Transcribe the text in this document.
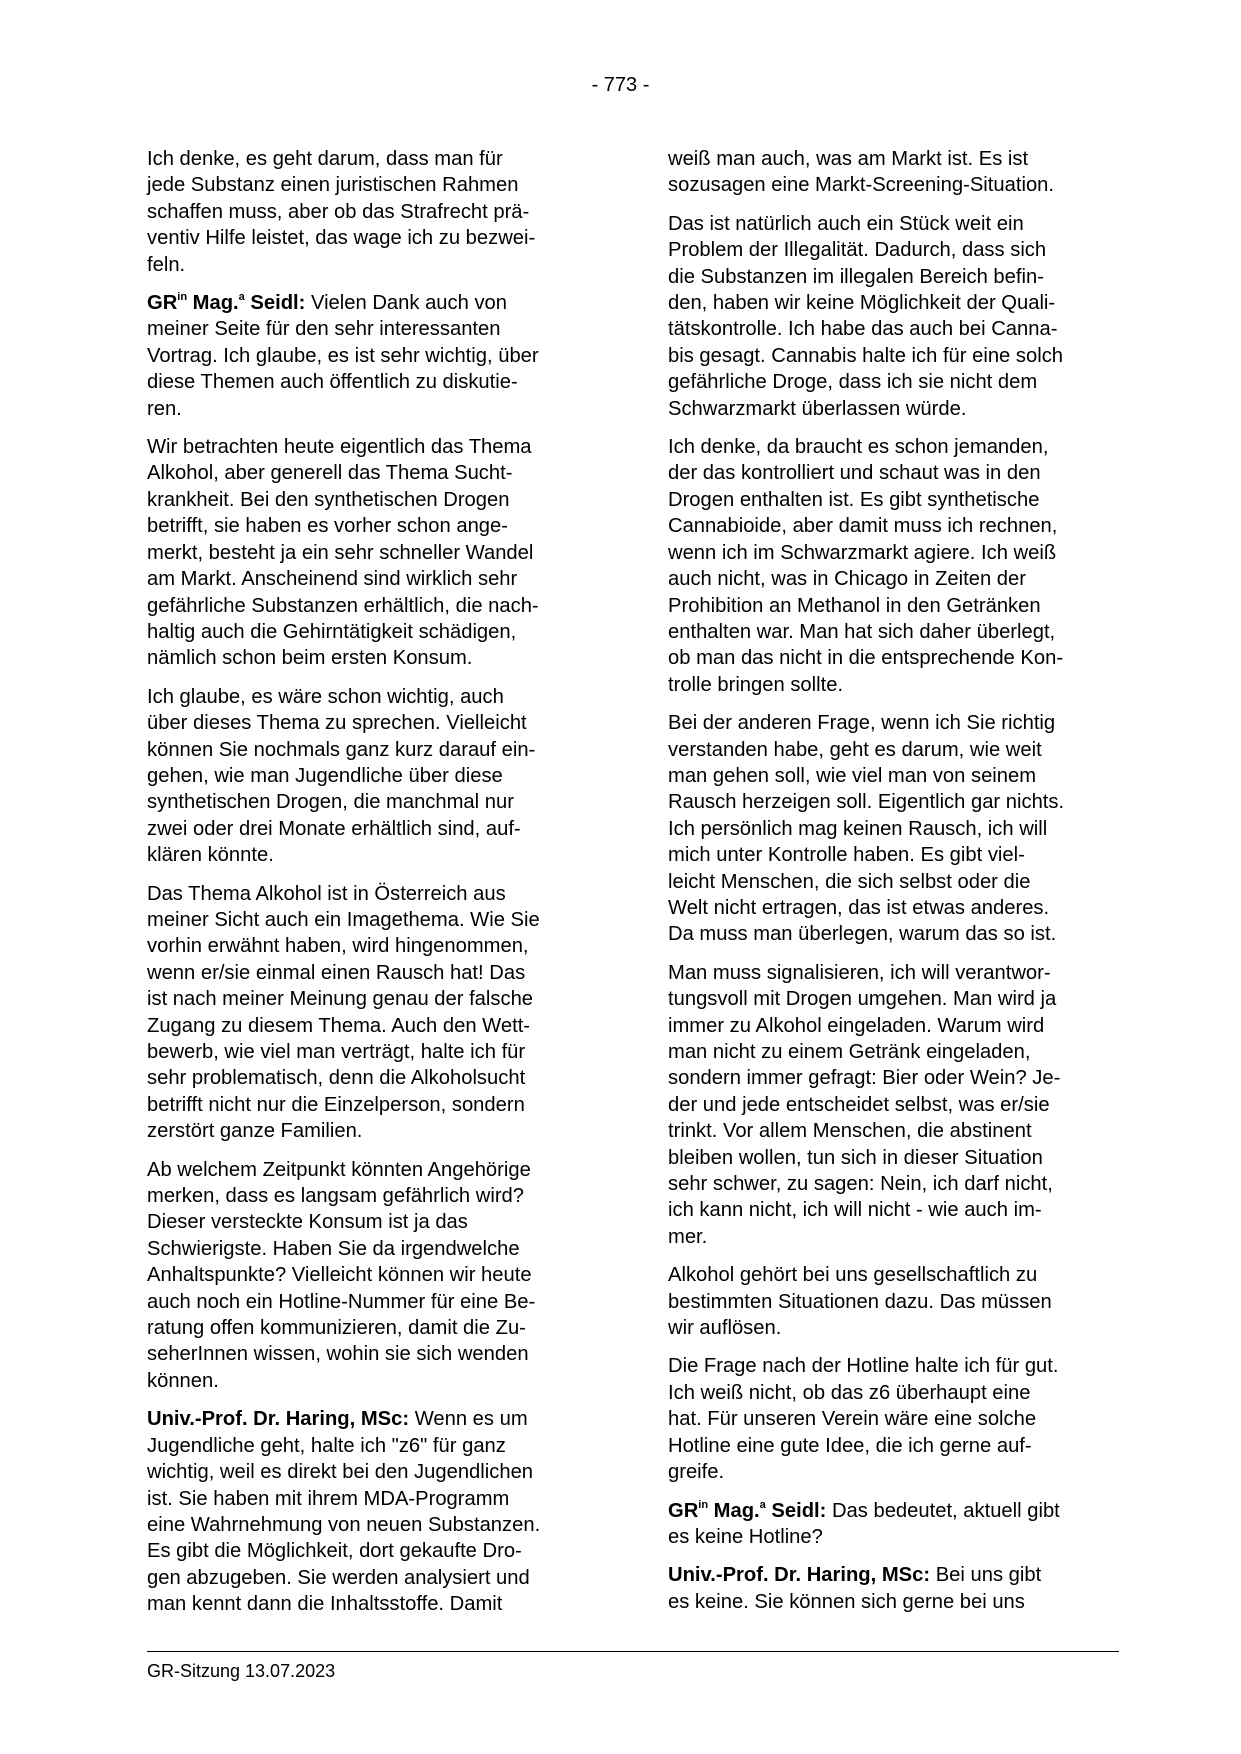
- 773 -

Ich denke, es geht darum, dass man für
jede Substanz einen juristischen Rahmen
schaffen muss, aber ob das Strafrecht prä-
ventiv Hilfe leistet, das wage ich zu bezwei-
feln.

$GR^{in}$ Mag.$^a$ Seidl: Vielen Dank auch von
meiner Seite für den sehr interessanten
Vortrag. Ich glaube, es ist sehr wichtig, über
diese Themen auch öffentlich zu diskutie-
ren.

Wir betrachten heute eigentlich das Thema
Alkohol, aber generell das Thema Sucht-
krankheit. Bei den synthetischen Drogen
betrifft, sie haben es vorher schon ange-
merkt, besteht ja ein sehr schneller Wandel
am Markt. Anscheinend sind wirklich sehr
gefährliche Substanzen erhältlich, die nach-
haltig auch die Gehirntätigkeit schädigen,
nämlich schon beim ersten Konsum.

Ich glaube, es wäre schon wichtig, auch
über dieses Thema zu sprechen. Vielleicht
können Sie nochmals ganz kurz darauf ein-
gehen, wie man Jugendliche über diese
synthetischen Drogen, die manchmal nur
zwei oder drei Monate erhältlich sind, auf-
klären könnte.

Das Thema Alkohol ist in Österreich aus
meiner Sicht auch ein Imagethema. Wie Sie
vorhin erwähnt haben, wird hingenommen,
wenn er/sie einmal einen Rausch hat! Das
ist nach meiner Meinung genau der falsche
Zugang zu diesem Thema. Auch den Wett-
bewerb, wie viel man verträgt, halte ich für
sehr problematisch, denn die Alkoholsucht
betrifft nicht nur die Einzelperson, sondern
zerstört ganze Familien.

Ab welchem Zeitpunkt könnten Angehörige
merken, dass es langsam gefährlich wird?
Dieser versteckte Konsum ist ja das
Schwierigste. Haben Sie da irgendwelche
Anhaltspunkte? Vielleicht können wir heute
auch noch ein Hotline-Nummer für eine Be-
ratung offen kommunizieren, damit die Zu-
seherInnen wissen, wohin sie sich wenden
können.

Univ.-Prof. Dr. Haring, MSc: Wenn es um
Jugendliche geht, halte ich "z6" für ganz
wichtig, weil es direkt bei den Jugendlichen
ist. Sie haben mit ihrem MDA-Programm
eine Wahrnehmung von neuen Substanzen.
Es gibt die Möglichkeit, dort gekaufte Dro-
gen abzugeben. Sie werden analysiert und
man kennt dann die Inhaltsstoffe. Damit

weiß man auch, was am Markt ist. Es ist
sozusagen eine Markt-Screening-Situation.

Das ist natürlich auch ein Stück weit ein
Problem der Illegalität. Dadurch, dass sich
die Substanzen im illegalen Bereich befin-
den, haben wir keine Möglichkeit der Quali-
tätskontrolle. Ich habe das auch bei Canna-
bis gesagt. Cannabis halte ich für eine solch
gefährliche Droge, dass ich sie nicht dem
Schwarzmarkt überlassen würde.

Ich denke, da braucht es schon jemanden,
der das kontrolliert und schaut was in den
Drogen enthalten ist. Es gibt synthetische
Cannabioide, aber damit muss ich rechnen,
wenn ich im Schwarzmarkt agiere. Ich weiß
auch nicht, was in Chicago in Zeiten der
Prohibition an Methanol in den Getränken
enthalten war. Man hat sich daher überlegt,
ob man das nicht in die entsprechende Kon-
trolle bringen sollte.

Bei der anderen Frage, wenn ich Sie richtig
verstanden habe, geht es darum, wie weit
man gehen soll, wie viel man von seinem
Rausch herzeigen soll. Eigentlich gar nichts.
Ich persönlich mag keinen Rausch, ich will
mich unter Kontrolle haben. Es gibt viel-
leicht Menschen, die sich selbst oder die
Welt nicht ertragen, das ist etwas anderes.
Da muss man überlegen, warum das so ist.

Man muss signalisieren, ich will verantwor-
tungsvoll mit Drogen umgehen. Man wird ja
immer zu Alkohol eingeladen. Warum wird
man nicht zu einem Getränk eingeladen,
sondern immer gefragt: Bier oder Wein? Je-
der und jede entscheidet selbst, was er/sie
trinkt. Vor allem Menschen, die abstinent
bleiben wollen, tun sich in dieser Situation
sehr schwer, zu sagen: Nein, ich darf nicht,
ich kann nicht, ich will nicht - wie auch im-
mer.

Alkohol gehört bei uns gesellschaftlich zu
bestimmten Situationen dazu. Das müssen
wir auflösen.

Die Frage nach der Hotline halte ich für gut.
Ich weiß nicht, ob das z6 überhaupt eine
hat. Für unseren Verein wäre eine solche
Hotline eine gute Idee, die ich gerne auf-
greife.

$GR^{in}$ Mag.$^a$ Seidl: Das bedeutet, aktuell gibt
es keine Hotline?

Univ.-Prof. Dr. Haring, MSc: Bei uns gibt
es keine. Sie können sich gerne bei uns

GR-Sitzung 13.07.2023
